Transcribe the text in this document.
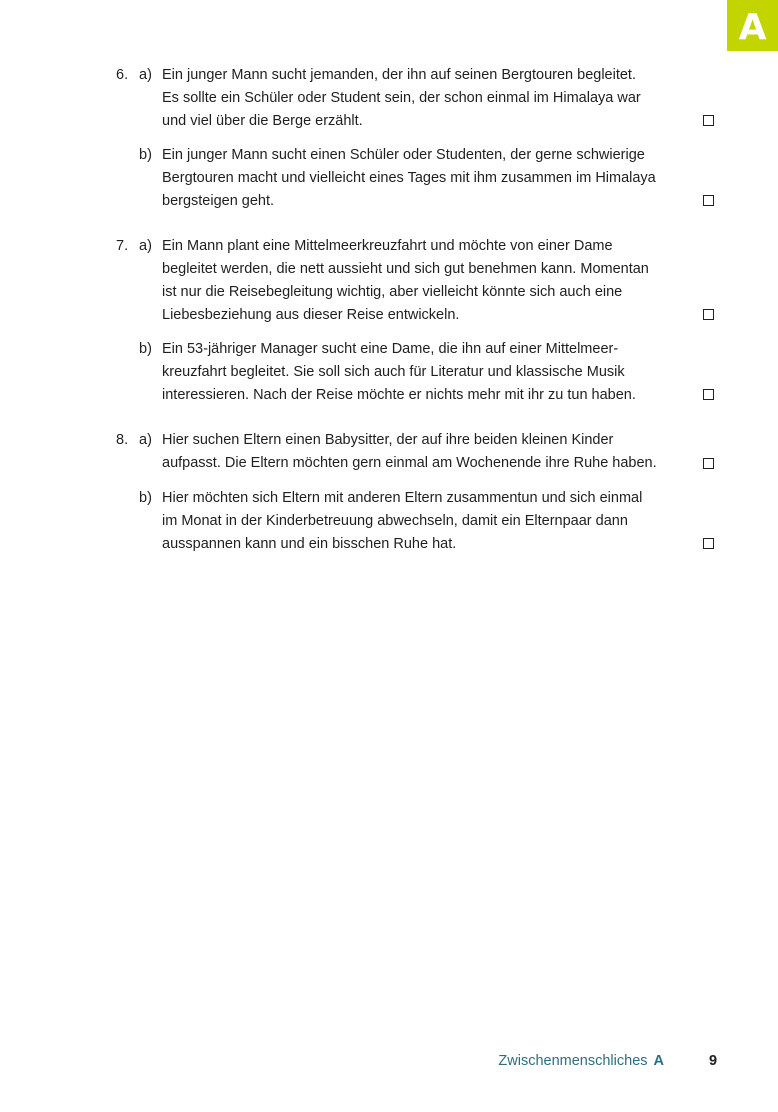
A
6. a) Ein junger Mann sucht jemanden, der ihn auf seinen Bergtouren begleitet.
Es sollte ein Schüler oder Student sein, der schon einmal im Himalaya war
und viel über die Berge erzählt.
b) Ein junger Mann sucht einen Schüler oder Studenten, der gerne schwierige
Bergtouren macht und vielleicht eines Tages mit ihm zusammen im Himalaya
bergsteigen geht.
7. a) Ein Mann plant eine Mittelmeerkreuzfahrt und möchte von einer Dame
begleitet werden, die nett aussieht und sich gut benehmen kann. Momentan
ist nur die Reisebegleitung wichtig, aber vielleicht könnte sich auch eine
Liebesbeziehung aus dieser Reise entwickeln.
b) Ein 53-jähriger Manager sucht eine Dame, die ihn auf einer Mittelmeer-
kreuzfahrt begleitet. Sie soll sich auch für Literatur und klassische Musik
interessieren. Nach der Reise möchte er nichts mehr mit ihr zu tun haben.
8. a) Hier suchen Eltern einen Babysitter, der auf ihre beiden kleinen Kinder
aufpasst. Die Eltern möchten gern einmal am Wochenende ihre Ruhe haben.
b) Hier möchten sich Eltern mit anderen Eltern zusammentun und sich einmal
im Monat in der Kinderbetreuung abwechseln, damit ein Elternpaar dann
ausspannen kann und ein bisschen Ruhe hat.
Zwischenmenschliches A	9
